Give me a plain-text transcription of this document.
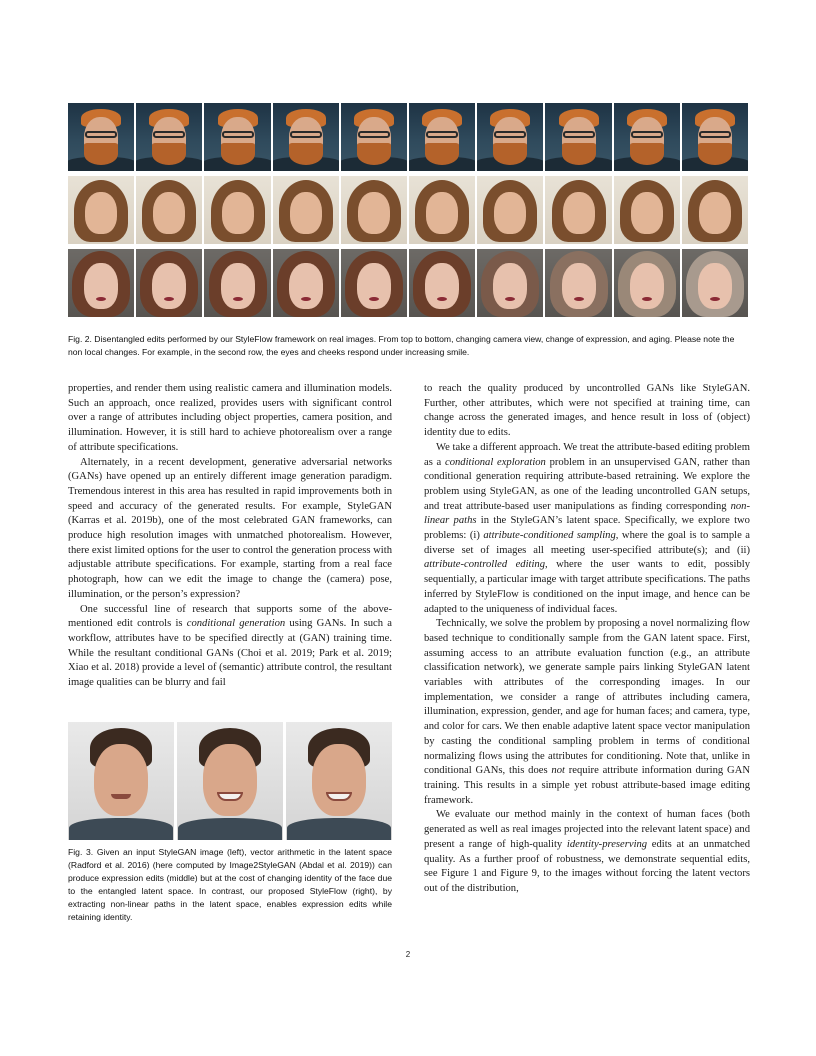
Fig. 2. Disentangled edits performed by our StyleFlow framework on real images. From top to bottom, changing camera view, change of expression, and aging. Please note the non local changes. For example, in the second row, the eyes and cheeks respond under increasing smile.

properties, and render them using realistic camera and illumination models. Such an approach, once realized, provides users with significant control over a range of attributes including object properties, camera position, and illumination. However, it is still hard to achieve photorealism over a range of attribute specifications.

Alternately, in a recent development, generative adversarial networks (GANs) have opened up an entirely different image generation paradigm. Tremendous interest in this area has resulted in rapid improvements both in speed and accuracy of the generated results. For example, StyleGAN (Karras et al. 2019b), one of the most celebrated GAN frameworks, can produce high resolution images with unmatched photorealism. However, there exist limited options for the user to control the generation process with adjustable attribute specifications. For example, starting from a real face photograph, how can we edit the image to change the (camera) pose, illumination, or the person’s expression?

One successful line of research that supports some of the above-mentioned edit controls is conditional generation using GANs. In such a workflow, attributes have to be specified directly at (GAN) training time. While the resultant conditional GANs (Choi et al. 2019; Park et al. 2019; Xiao et al. 2018) provide a level of (semantic) attribute control, the resultant image qualities can be blurry and fail

Fig. 3. Given an input StyleGAN image (left), vector arithmetic in the latent space (Radford et al. 2016) (here computed by Image2StyleGAN (Abdal et al. 2019)) can produce expression edits (middle) but at the cost of changing identity of the face due to the entangled latent space. In contrast, our proposed StyleFlow (right), by extracting non-linear paths in the latent space, enables expression edits while retaining identity.

to reach the quality produced by uncontrolled GANs like StyleGAN. Further, other attributes, which were not specified at training time, can change across the generated images, and hence result in loss of (object) identity due to edits.

We take a different approach. We treat the attribute-based editing problem as a conditional exploration problem in an unsupervised GAN, rather than conditional generation requiring attribute-based retraining. We explore the problem using StyleGAN, as one of the leading uncontrolled GAN setups, and treat attribute-based user manipulations as finding corresponding non-linear paths in the StyleGAN’s latent space. Specifically, we explore two problems: (i) attribute-conditioned sampling, where the goal is to sample a diverse set of images all meeting user-specified attribute(s); and (ii) attribute-controlled editing, where the user wants to edit, possibly sequentially, a particular image with target attribute specifications. The paths inferred by StyleFlow is conditioned on the input image, and hence can be adapted to the uniqueness of individual faces.

Technically, we solve the problem by proposing a novel normalizing flow based technique to conditionally sample from the GAN latent space. First, assuming access to an attribute evaluation function (e.g., an attribute classification network), we generate sample pairs linking StyleGAN latent variables with attributes of the corresponding images. In our implementation, we consider a range of attributes including camera, illumination, expression, gender, and age for human faces; and camera, type, and color for cars. We then enable adaptive latent space vector manipulation by casting the conditional sampling problem in terms of conditional normalizing flows using the attributes for conditioning. Note that, unlike in conditional GANs, this does not require attribute information during GAN training. This results in a simple yet robust attribute-based image editing framework.

We evaluate our method mainly in the context of human faces (both generated as well as real images projected into the relevant latent space) and present a range of high-quality identity-preserving edits at an unmatched quality. As a further proof of robustness, we demonstrate sequential edits, see Figure 1 and Figure 9, to the images without forcing the latent vectors out of the distribution,

2
